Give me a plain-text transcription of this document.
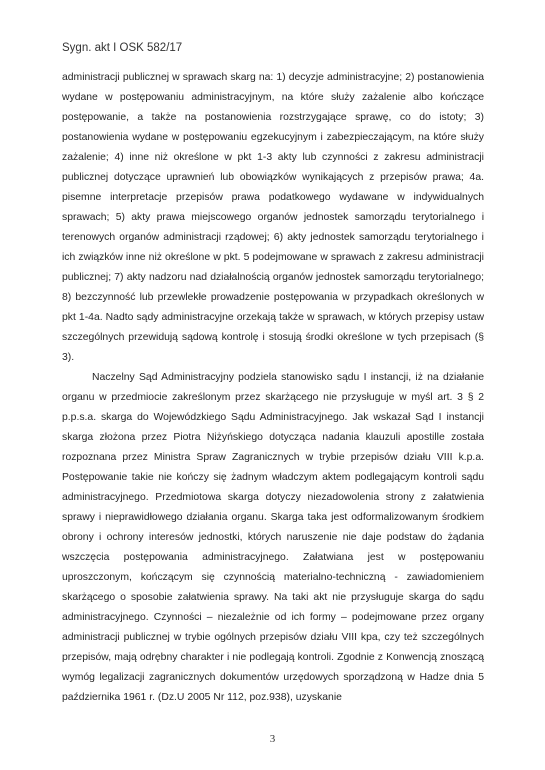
Sygn. akt I OSK 582/17

administracji publicznej w sprawach skarg na: 1) decyzje administracyjne; 2) postanowienia wydane w postępowaniu administracyjnym, na które służy zażalenie albo kończące postępowanie, a także na postanowienia rozstrzygające sprawę, co do istoty; 3) postanowienia wydane w postępowaniu egzekucyjnym i zabezpieczającym, na które służy zażalenie; 4) inne niż określone w pkt 1-3 akty lub czynności z zakresu administracji publicznej dotyczące uprawnień lub obowiązków wynikających z przepisów prawa; 4a. pisemne interpretacje przepisów prawa podatkowego wydawane w indywidualnych sprawach; 5) akty prawa miejscowego organów jednostek samorządu terytorialnego i terenowych organów administracji rządowej; 6) akty jednostek samorządu terytorialnego i ich związków inne niż określone w pkt. 5 podejmowane w sprawach z zakresu administracji publicznej; 7) akty nadzoru nad działalnością organów jednostek samorządu terytorialnego; 8) bezczynność lub przewlekłe prowadzenie postępowania w przypadkach określonych w pkt 1-4a. Nadto sądy administracyjne orzekają także w sprawach, w których przepisy ustaw szczególnych przewidują sądową kontrolę i stosują środki określone w tych przepisach (§ 3).

Naczelny Sąd Administracyjny podziela stanowisko sądu I instancji, iż na działanie organu w przedmiocie zakreślonym przez skarżącego nie przysługuje w myśl art. 3 § 2 p.p.s.a. skarga do Wojewódzkiego Sądu Administracyjnego. Jak wskazał Sąd I instancji skarga złożona przez Piotra Niżyńskiego dotycząca nadania klauzuli apostille została rozpoznana przez Ministra Spraw Zagranicznych w trybie przepisów działu VIII k.p.a. Postępowanie takie nie kończy się żadnym władczym aktem podlegającym kontroli sądu administracyjnego. Przedmiotowa skarga dotyczy niezadowolenia strony z załatwienia sprawy i nieprawidłowego działania organu. Skarga taka jest odformalizowanym środkiem obrony i ochrony interesów jednostki, których naruszenie nie daje podstaw do żądania wszczęcia postępowania administracyjnego. Załatwiana jest w postępowaniu uproszczonym, kończącym się czynnością materialno-techniczną - zawiadomieniem skarżącego o sposobie załatwienia sprawy. Na taki akt nie przysługuje skarga do sądu administracyjnego. Czynności – niezależnie od ich formy – podejmowane przez organy administracji publicznej w trybie ogólnych przepisów działu VIII kpa, czy też szczególnych przepisów, mają odrębny charakter i nie podlegają kontroli. Zgodnie z Konwencją znoszącą wymóg legalizacji zagranicznych dokumentów urzędowych sporządzoną w Hadze dnia 5 października 1961 r. (Dz.U 2005 Nr 112, poz.938), uzyskanie

3
